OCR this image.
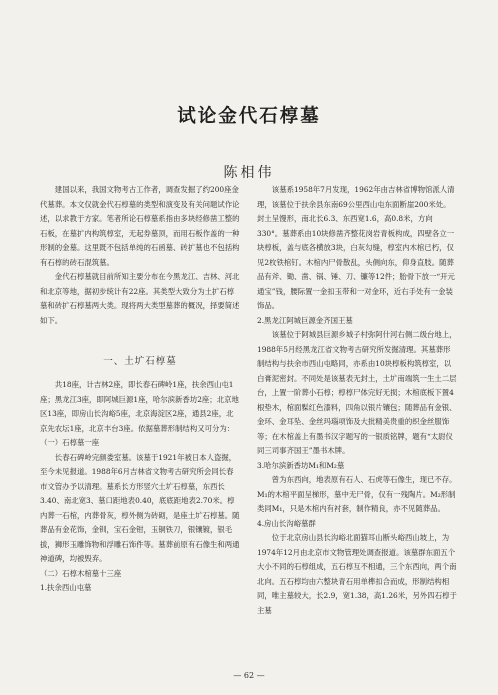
试论金代石椁墓
陈相伟

建国以来，我国文物考古工作者，调查发掘了约200座金代墓葬。本文仅就金代石椁墓的类型和演变及有关问题试作论述，以求教于方家。笔者所论石椁墓系指由多块经修凿工整的石板，在墓扩内构筑椁室，无起券墓顶，而用石板作盖的一种形制的金墓。这里既不包括单纯的石函墓、砖扩墓也不包括构有石椁的砖石混筑墓。

金代石椁墓就目前所知主要分布在今黑龙江、吉林、河北和北京等地，据初步统计有22座。其类型大致分为土扩石椁墓和砖扩石椁墓两大类。现将两大类型墓葬的概况，择要简述如下。

一、土圹石椁墓

共18座，计吉林2座，即长春石碑岭1座，扶余西山屯1座；黑龙江3座，即阿城巨源1座，哈尔滨新香坊2座；北京地区13座，即房山长沟峪5座，北京海淀区2座，通县2座，北京先农坛1座，北京丰台3座。依据墓葬形制结构又可分为：

（一）石椁墓一座

长春石碑岭完颜娄室墓。该墓于1921年被日本人盗掘，至今未见报道。1988年6月吉林省文物考古研究所会同长春市文管办予以清理。墓系长方形竖穴土圹石椁墓，东西长3.40、南北宽3、墓口距地表0.40，底底距地表2.70米。椁内葬一石棺，内葬骨灰，椁外侧为砖砌，是座土圹石椁墓。随葬品有金花饰，金钏，宝石金钳，玉铜铁刀，银镶镀，银毛拔，狮形玉雕饰物和浮雕石饰件等。墓葬前原有石像生和两通神道碑，均被毁弃。

（二）石椁木棺墓十三座

1.扶余西山屯墓

该墓系1958年7月发现，1962年由吉林省博物馆派人清理，该墓位于扶余县东南69公里西山屯东面断崖200米处。封土呈馒形，南北长6.3、东西宽1.6，高0.8米，方向330°。墓葬系由10块修凿齐整花岗岩青板构成，四壁各立一块椁板，盖与底各横放3块，白灰勾缝，椁室内木棺已朽，仅见2枚铁棺钉。木棺内尸骨散乱，头侧向东，仰身直肢。随葬品有斧、锄、凿、锅、锤、刀、镰等12件；胎骨下放一“开元通宝”钱，腰际置一金扣玉带和一对金环，近右手处有一金装饰品。

2.黑龙江阿城巨源金齐国王墓

该墓位于阿城县巨源乡城子村弥阿什河右侧二级台地上，1988年5月经黑龙江省文物考古研究所发掘清理。其墓葬形制结构与扶余市西山屯略同，亦系由10块椁板构筑椁室，以白膏泥密封。不同处是该墓表无封土，土圹南端筑一生土二层台，上置一阶葬小石椁；椁椁尸体完好无损；木棺底板下置4根垫木，棺面髹红色漆料，四角以银片镶包；随葬品有金银、金环、金耳坠、金丝玛瑙项饰及大批精美贵重的织金丝服饰等；在木棺盖上有墨书汉字题写的一银质铭牌，题有“太尉仪同三司事齐国王”墨书木牌。

3.哈尔滨新香坊M₁和M₂墓

曾为东西向，地表原有石人、石虎等石像生，现已不存。M₁的木棺平面呈梯形，墓中无尸骨，仅有一残陶片。M₂形制类同M₁，只是木棺内有衬套，制作精良，亦不见随葬品。

4.房山长沟峪墓群

位于北京房山县长沟峪北面猫耳山断头峪西山坡上，为1974年12月由北京市文物管理处调查报道。该墓群东面五个大小不同的石椁组成，五石椁互不相通，三个东西向，两个南北向。五石椁均由六整块青石用单榫扣合而成，形制结构相同，唯主墓较大，长2.9，宽1.38，高1.26米，另外四石椁于主墓

— 62 —
